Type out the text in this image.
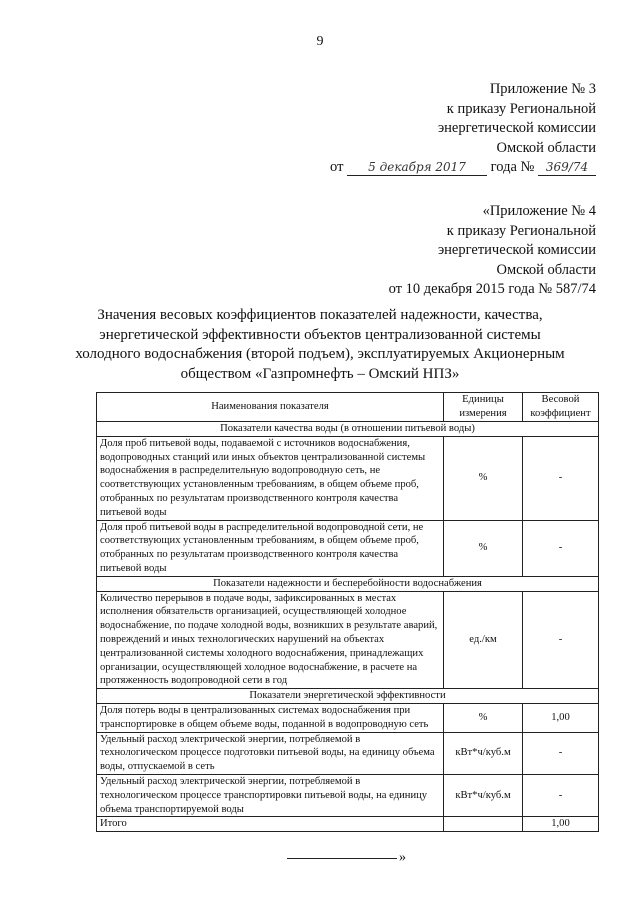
9
Приложение № 3
к приказу Региональной
энергетической комиссии
Омской области
от 5 декабря 2017 года № 369/74
«Приложение № 4
к приказу Региональной
энергетической комиссии
Омской области
от 10 декабря 2015 года № 587/74
Значения весовых коэффициентов показателей надежности, качества,
энергетической эффективности объектов централизованной системы
холодного водоснабжения (второй подъем), эксплуатируемых Акционерным
обществом «Газпромнефть – Омский НПЗ»
Наименования показателя	Единицы измерения	Весовой коэффициент
Показатели качества воды (в отношении питьевой воды)		
Доля проб питьевой воды, подаваемой с источников водоснабжения, водопроводных станций или иных объектов централизованной системы водоснабжения в распределительную водопроводную сеть, не соответствующих установленным требованиям, в общем объеме проб, отобранных по результатам производственного контроля качества питьевой воды	%	-
Доля проб питьевой воды в распределительной водопроводной сети, не соответствующих установленным требованиям, в общем объеме проб, отобранных по результатам производственного контроля качества питьевой воды	%	-
Показатели надежности и бесперебойности водоснабжения		
Количество перерывов в подаче воды, зафиксированных в местах исполнения обязательств организацией, осуществляющей холодное водоснабжение, по подаче холодной воды, возникших в результате аварий, повреждений и иных технологических нарушений на объектах централизованной системы холодного водоснабжения, принадлежащих организации, осуществляющей холодное водоснабжение, в расчете на протяженность водопроводной сети в год	ед./км	-
Показатели энергетической эффективности		
Доля потерь воды в централизованных системах водоснабжения при транспортировке в общем объеме воды, поданной в водопроводную сеть	%	1,00
Удельный расход электрической энергии, потребляемой в технологическом процессе подготовки питьевой воды, на единицу объема воды, отпускаемой в сеть	кВт*ч/куб.м	-
Удельный расход электрической энергии, потребляемой в технологическом процессе транспортировки питьевой воды, на единицу объема транспортируемой воды	кВт*ч/куб.м	-
Итого		1,00
»
